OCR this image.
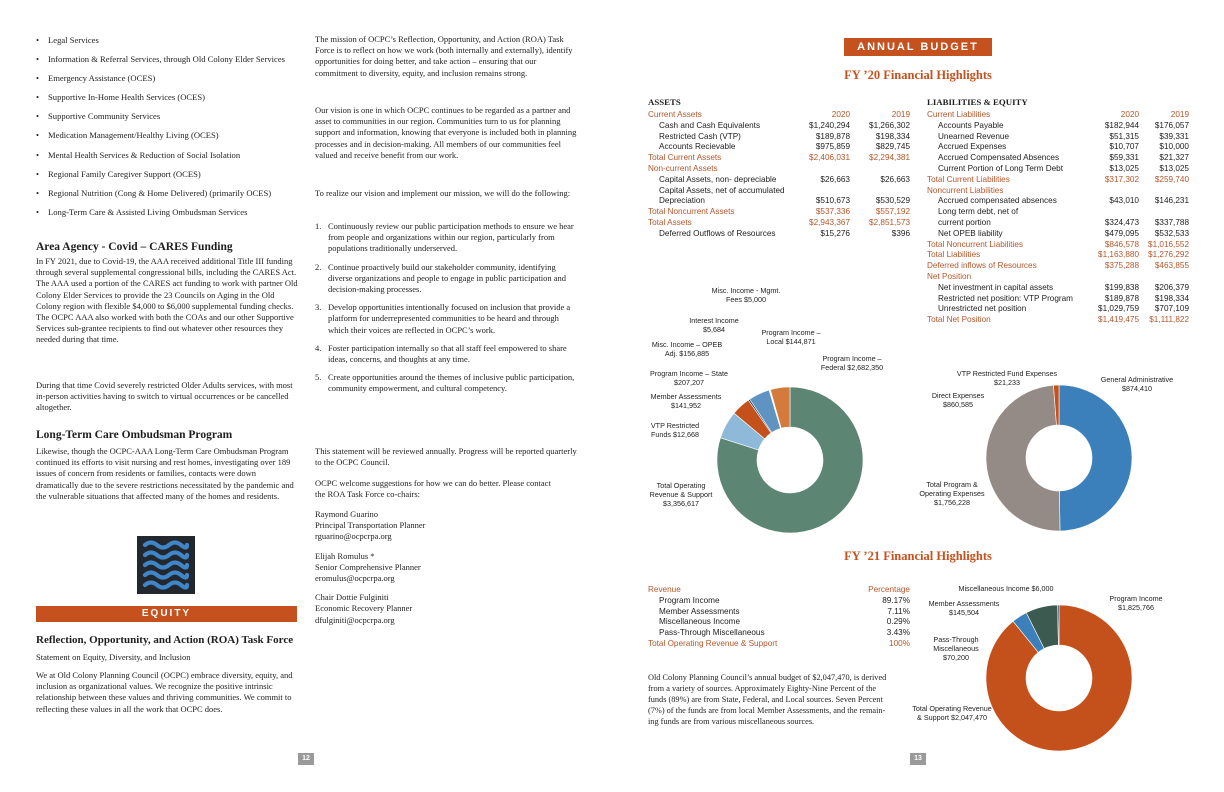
• Legal Services
• Information & Referral Services, through Old Colony Elder Services
• Emergency Assistance (OCES)
• Supportive In-Home Health Services (OCES)
• Supportive Community Services
• Medication Management/Healthy Living (OCES)
• Mental Health Services & Reduction of Social Isolation
• Regional Family Caregiver Support (OCES)
• Regional Nutrition (Cong & Home Delivered) (primarily OCES)
• Long-Term Care & Assisted Living Ombudsman Services
Area Agency - Covid – CARES Funding

In FY 2021, due to Covid-19, the AAA received additional Title III funding through several supplemental congressional bills, including the CARES Act. The AAA used a portion of the CARES act funding to work with partner Old Colony Elder Services to provide the 23 Councils on Aging in the Old Colony region with flexible $4,000 to $6,000 supplemental funding checks. The OCPC AAA also worked with both the COAs and our other Supportive Services sub-grantee recipients to find out whatever other resources they needed during that time.

During that time Covid severely restricted Older Adults services, with most in-person activities having to switch to virtual occurrences or be cancelled altogether.

Long-Term Care Ombudsman Program

Likewise, though the OCPC-AAA Long-Term Care Ombudsman Program continued its efforts to visit nursing and rest homes, investigating over 189 issues of concern from residents or families, contacts were down dramatically due to the severe restrictions necessitated by the pandemic and the vulnerable situations that affected many of the homes and residents.

EQUITY
Reflection, Opportunity, and Action (ROA) Task Force
Statement on Equity, Diversity, and Inclusion

We at Old Colony Planning Council (OCPC) embrace diversity, equity, and inclusion as organizational values. We recognize the positive intrinsic relationship between these values and thriving communities. We commit to reflecting these values in all the work that OCPC does.

The mission of OCPC’s Reflection, Opportunity, and Action (ROA) Task Force is to reflect on how we work (both internally and externally), identify opportunities for doing better, and take action – ensuring that our commitment to diversity, equity, and inclusion remains strong.

Our vision is one in which OCPC continues to be regarded as a partner and asset to communities in our region. Communities turn to us for planning support and information, knowing that everyone is included both in planning processes and in decision-making. All members of our communities feel valued and receive benefit from our work.

To realize our vision and implement our mission, we will do the following:

1. Continuously review our public participation methods to ensure we hear from people and organizations within our region, particularly from populations traditionally underserved.
2. Continue proactively build our stakeholder community, identifying diverse organizations and people to engage in public participation and decision-making processes.
3. Develop opportunities intentionally focused on inclusion that provide a platform for underrepresented communities to be heard and through which their voices are reflected in OCPC’s work.
4. Foster participation internally so that all staff feel empowered to share ideas, concerns, and thoughts at any time.
5. Create opportunities around the themes of inclusive public participation, community empowerment, and cultural competency.

This statement will be reviewed annually. Progress will be reported quarterly to the OCPC Council.

OCPC welcome suggestions for how we can do better. Please contact the ROA Task Force co-chairs:

Raymond Guarino
Principal Transportation Planner
rguarino@ocpcrpa.org
Elijah Romulus *
Senior Comprehensive Planner
eromulus@ocpcrpa.org
Chair Dottie Fulginiti
Economic Recovery Planner
dfulginiti@ocpcrpa.org
12
ANNUAL BUDGET
FY ’20 Financial Highlights
ASSETS
Current Assets	2020	2019
Cash and Cash Equivalents	$1,240,294	$1,266,302
Restricted Cash (VTP)	$189,878	$198,334
Accounts Recievable	$975,859	$829,745
Total Current Assets	$2,406,031	$2,294,381
Non-current Assets		
Capital Assets, non- depreciable	$26,663	$26,663
Capital Assets, net of accumulated		
Depreciation	$510,673	$530,529
Total Noncurrent Assets	$537,336	$557,192
Total Assets	$2,943,367	$2,851,573
Deferred Outflows of Resources	$15,276	$396
LIABILITIES & EQUITY
Current Liabilities	2020	2019
Accounts Payable	$182,944	$176,057
Unearned Revenue	$51,315	$39,331
Accrued Expenses	$10,707	$10,000
Accrued Compensated Absences	$59,331	$21,327
Current Portion of Long Term Debt	$13,025	$13,025
Total Current Liabilities	$317,302	$259,740
Noncurrent Liabilities		
Accrued compensated absences	$43,010	$146,231
Long term debt, net of		
current portion	$324,473	$337,788
Net OPEB liability	$479,095	$532,533
Total Noncurrent Liabilities	$846,578	$1,016,552
Total Liabilities	$1,163,880	$1,276,292
Deferred inflows of Resources	$375,288	$463,855
Net Position		
Net investment in capital assets	$199,838	$206,379
Restricted net position: VTP Program	$189,878	$198,334
Unrestricted net position	$1,029,759	$707,109
Total Net Position	$1,419,475	$1,111,822
Misc. Income - Mgmt. Fees $5,000
Interest Income $5,684	Program Income – Local $144,871
Misc. Income – OPEB Adj. $156,885
Program Income – Federal $2,682,350
Program Income – State $207,207
Member Assessments $141,952
VTP Restricted Funds $12,668
Total Operating Revenue & Support $3,356,617
VTP Restricted Fund Expenses $21,233
Direct Expenses $860,585
General Administrative $874,410
Total Program & Operating Expenses $1,756,228
FY ’21 Financial Highlights
Revenue	Percentage
Program Income	89.17%
Member Assessments	7.11%
Miscellaneous Income	0.29%
Pass-Through Miscellaneous	3.43%
Total Operating Revenue & Support	100%

Old Colony Planning Council’s annual budget of $2,047,470, is derived from a variety of sources. Approximately Eighty-Nine Percent of the funds (89%) are from State, Federal, and Local sources. Seven Percent (7%) of the funds are from local Member Assessments, and the remain-ing funds are from various miscellaneous sources.

Miscellaneous Income $6,000
Member Assessments $145,504
Pass-Through Miscellaneous $70,200
Program Income $1,825,766
Total Operating Revenue & Support $2,047,470
13
